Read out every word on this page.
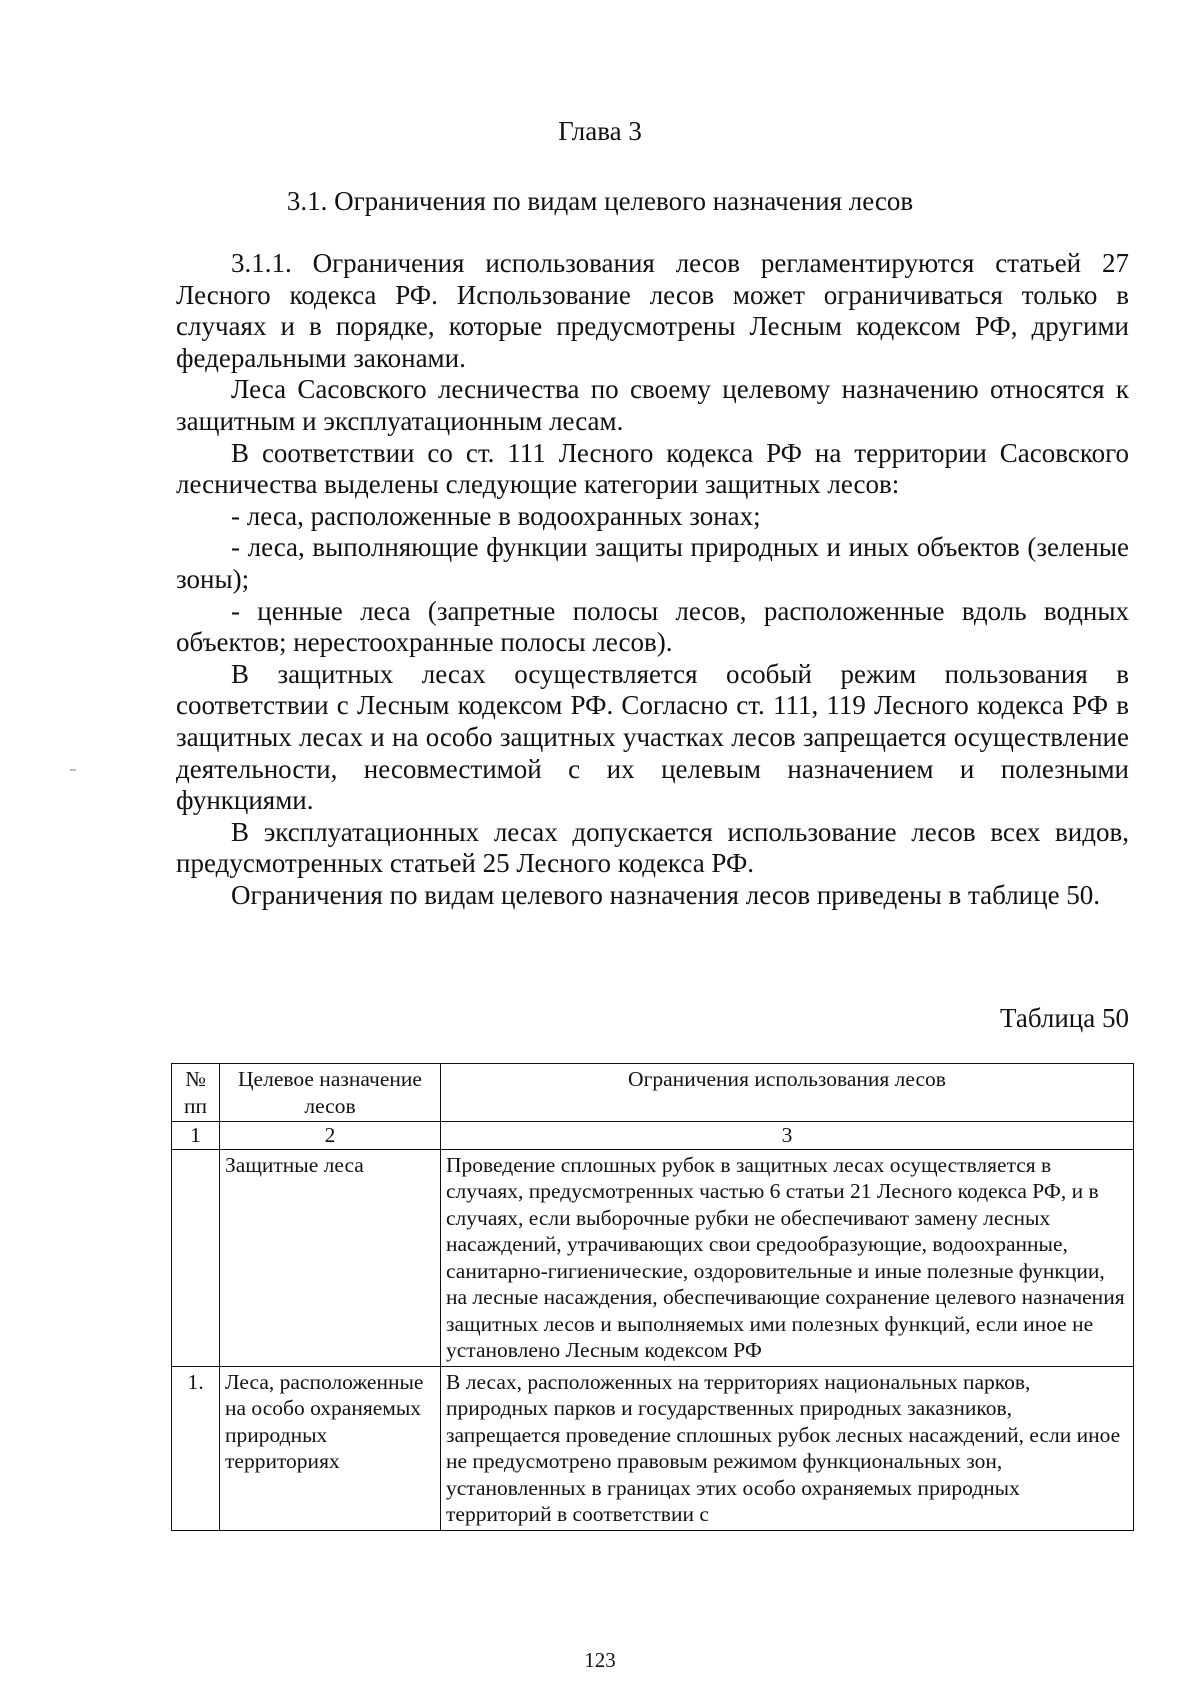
Глава 3
3.1. Ограничения по видам целевого назначения лесов

3.1.1. Ограничения использования лесов регламентируются статьей 27 Лесного кодекса РФ. Использование лесов может ограничиваться только в случаях и в порядке, которые предусмотрены Лесным кодексом РФ, другими федеральными законами.

Леса Сасовского лесничества по своему целевому назначению относятся к защитным и эксплуатационным лесам.

В соответствии со ст. 111 Лесного кодекса РФ на территории Сасовского лесничества выделены следующие категории защитных лесов:

- леса, расположенные в водоохранных зонах;

- леса, выполняющие функции защиты природных и иных объектов (зеленые зоны);

- ценные леса (запретные полосы лесов, расположенные вдоль водных объектов; нерестоохранные полосы лесов).

В защитных лесах осуществляется особый режим пользования в соответствии с Лесным кодексом РФ. Согласно ст. 111, 119 Лесного кодекса РФ в защитных лесах и на особо защитных участках лесов запрещается осуществление деятельности, несовместимой с их целевым назначением и полезными функциями.

В эксплуатационных лесах допускается использование лесов всех видов, предусмотренных статьей 25 Лесного кодекса РФ.

Ограничения по видам целевого назначения лесов приведены в таблице 50.

Таблица 50
№ пп	Целевое назначение лесов	Ограничения использования лесов
1	2	3
	Защитные леса	Проведение сплошных рубок в защитных лесах осуществляется в случаях, предусмотренных частью 6 статьи 21 Лесного кодекса РФ, и в случаях, если выборочные рубки не обеспечивают замену лесных насаждений, утрачивающих свои средообразующие, водоохранные, санитарно-гигиенические, оздоровительные и иные полезные функции, на лесные насаждения, обеспечивающие сохранение целевого назначения защитных лесов и выполняемых ими полезных функций, если иное не установлено Лесным кодексом РФ
1.	Леса, расположенные на особо охраняемых природных территориях	В лесах, расположенных на территориях национальных парков, природных парков и государственных природных заказников, запрещается проведение сплошных рубок лесных насаждений, если иное не предусмотрено правовым режимом функциональных зон, установленных в границах этих особо охраняемых природных территорий в соответствии с
123
